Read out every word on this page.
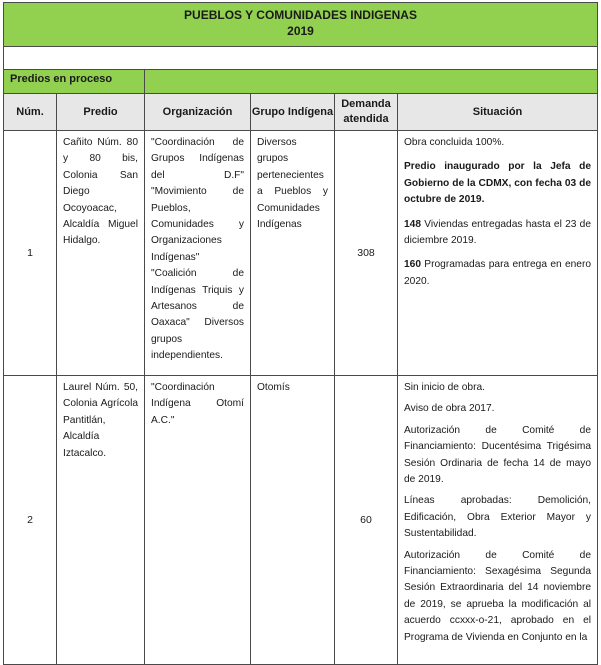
PUEBLOS Y COMUNIDADES INDIGENAS
2019					

Predios en proceso					
Núm.	Predio	Organización	Grupo Indígena	Demanda atendida	Situación
1	Cañito Núm. 80 y 80 bis, Colonia San Diego Ocoyoacac, Alcaldía Miguel Hidalgo.	"Coordinación de Grupos Indígenas del D.F" "Movimiento de Pueblos, Comunidades y Organizaciones Indígenas" "Coalición de Indígenas Triquis y Artesanos de Oaxaca" Diversos grupos independientes.	Diversos grupos pertenecientes a Pueblos y Comunidades Indígenas	308	Obra concluida 100%.

Predio inaugurado por la Jefa de Gobierno de la CDMX, con fecha 03 de octubre de 2019.

148 Viviendas entregadas hasta el 23 de diciembre 2019.

160 Programadas para entrega en enero 2020.

2	Laurel Núm. 50, Colonia Agrícola Pantitlán, Alcaldía Iztacalco.	"Coordinación Indígena Otomí A.C."	Otomís	60	Sin inicio de obra.

Aviso de obra 2017.

Autorización de Comité de Financiamiento: Ducentésima Trigésima Sesión Ordinaria de fecha 14 de mayo de 2019.

Líneas aprobadas: Demolición, Edificación, Obra Exterior Mayor y Sustentabilidad.

Autorización de Comité de Financiamiento: Sexagésima Segunda Sesión Extraordinaria del 14 noviembre de 2019, se aprueba la modificación al acuerdo ccxxx-o-21, aprobado en el Programa de Vivienda en Conjunto en la
